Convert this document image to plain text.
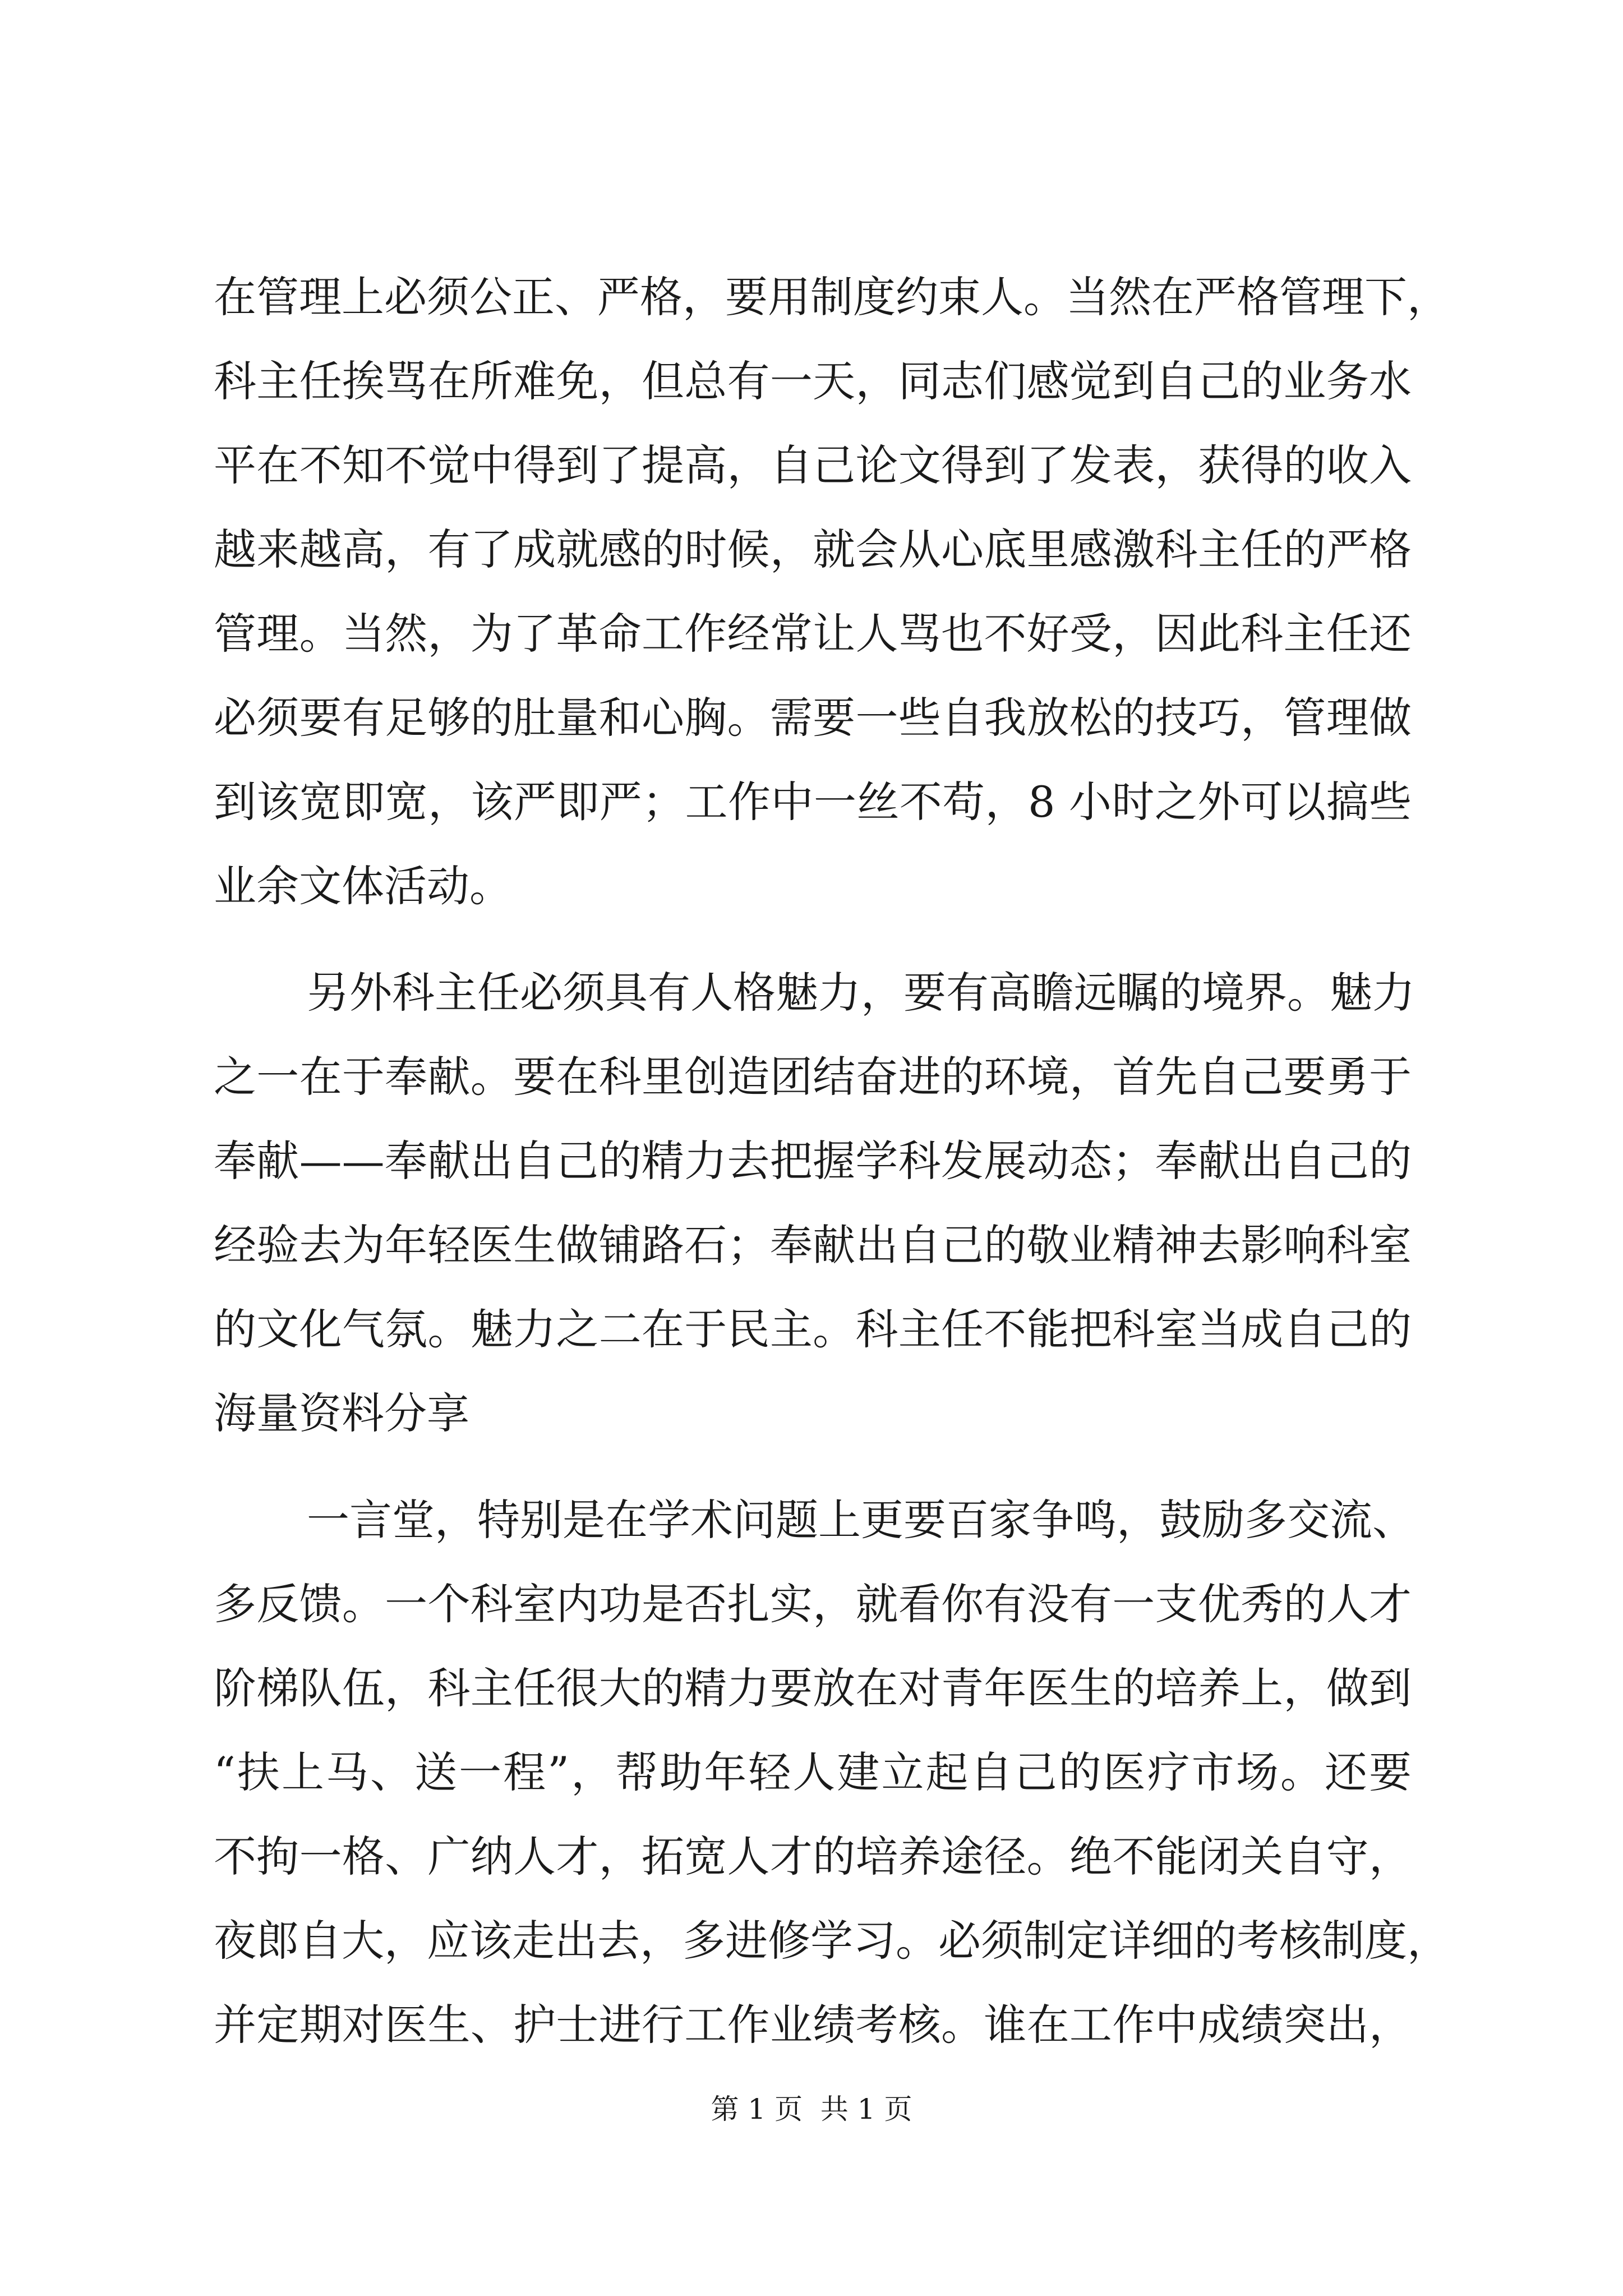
在管理上必须公正、严格，要用制度约束人。当然在严格管理下，
科主任挨骂在所难免，但总有一天，同志们感觉到自己的业务水
平在不知不觉中得到了提高，自己论文得到了发表，获得的收入
越来越高，有了成就感的时候，就会从心底里感激科主任的严格
管理。当然，为了革命工作经常让人骂也不好受，因此科主任还
必须要有足够的肚量和心胸。需要一些自我放松的技巧，管理做
到该宽即宽，该严即严；工作中一丝不苟，8 小时之外可以搞些
业余文体活动。
另外科主任必须具有人格魅力，要有高瞻远瞩的境界。魅力
之一在于奉献。要在科里创造团结奋进的环境，首先自己要勇于
奉献——奉献出自己的精力去把握学科发展动态；奉献出自己的
经验去为年轻医生做铺路石；奉献出自己的敬业精神去影响科室
的文化气氛。魅力之二在于民主。科主任不能把科室当成自己的
海量资料分享
一言堂，特别是在学术问题上更要百家争鸣，鼓励多交流、
多反馈。一个科室内功是否扎实，就看你有没有一支优秀的人才
阶梯队伍，科主任很大的精力要放在对青年医生的培养上，做到
“扶上马、送一程”，帮助年轻人建立起自己的医疗市场。还要
不拘一格、广纳人才，拓宽人才的培养途径。绝不能闭关自守，
夜郎自大，应该走出去，多进修学习。必须制定详细的考核制度，
并定期对医生、护士进行工作业绩考核。谁在工作中成绩突出，
第 1 页  共 1 页
